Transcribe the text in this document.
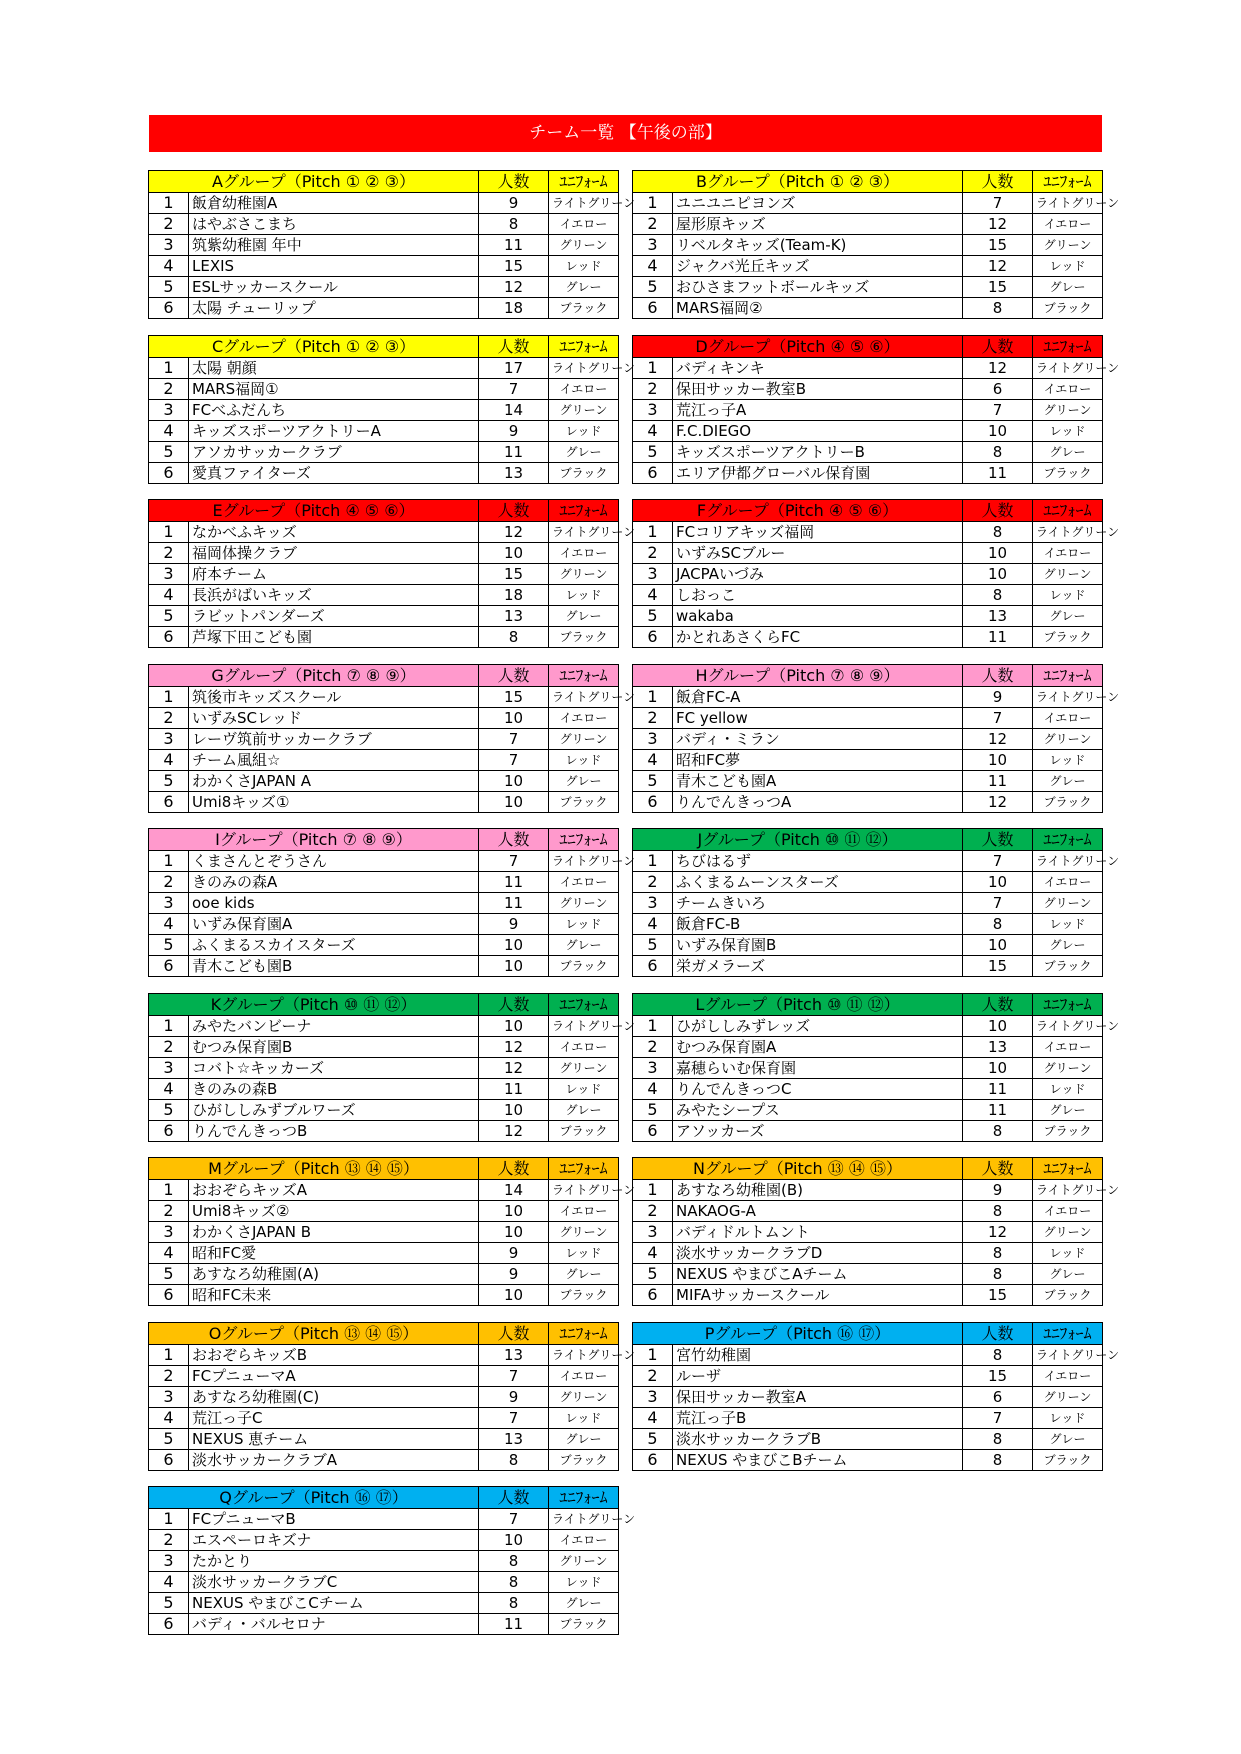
チーム一覧 【午後の部】
Aグループ（Pitch ① ② ③）		人数	ﾕﾆﾌｫｰﾑ
1	飯倉幼稚園A	9	ライトグリーン
2	はやぶさこまち	8	イエロー
3	筑紫幼稚園 年中	11	グリーン
4	LEXIS	15	レッド
5	ESLサッカースクール	12	グレー
6	太陽 チューリップ	18	ブラック
Bグループ（Pitch ① ② ③）		人数	ﾕﾆﾌｫｰﾑ
1	ユニユニピヨンズ	7	ライトグリーン
2	屋形原キッズ	12	イエロー
3	リベルタキッズ(Team-K)	15	グリーン
4	ジャクバ光丘キッズ	12	レッド
5	おひさまフットボールキッズ	15	グレー
6	MARS福岡②	8	ブラック
Cグループ（Pitch ① ② ③）		人数	ﾕﾆﾌｫｰﾑ
1	太陽 朝顔	17	ライトグリーン
2	MARS福岡①	7	イエロー
3	FCべふだんち	14	グリーン
4	キッズスポーツアクトリーA	9	レッド
5	アソカサッカークラブ	11	グレー
6	愛真ファイターズ	13	ブラック
Dグループ（Pitch ④ ⑤ ⑥）		人数	ﾕﾆﾌｫｰﾑ
1	バディキンキ	12	ライトグリーン
2	保田サッカー教室B	6	イエロー
3	荒江っ子A	7	グリーン
4	F.C.DIEGO	10	レッド
5	キッズスポーツアクトリーB	8	グレー
6	エリア伊都グローバル保育園	11	ブラック
Eグループ（Pitch ④ ⑤ ⑥）		人数	ﾕﾆﾌｫｰﾑ
1	なかべふキッズ	12	ライトグリーン
2	福岡体操クラブ	10	イエロー
3	府本チーム	15	グリーン
4	長浜がばいキッズ	18	レッド
5	ラビットパンダーズ	13	グレー
6	芦塚下田こども園	8	ブラック
Fグループ（Pitch ④ ⑤ ⑥）		人数	ﾕﾆﾌｫｰﾑ
1	FCコリアキッズ福岡	8	ライトグリーン
2	いずみSCブルー	10	イエロー
3	JACPAいづみ	10	グリーン
4	しおっこ	8	レッド
5	wakaba	13	グレー
6	かとれあさくらFC	11	ブラック
Gグループ（Pitch ⑦ ⑧ ⑨）		人数	ﾕﾆﾌｫｰﾑ
1	筑後市キッズスクール	15	ライトグリーン
2	いずみSCレッド	10	イエロー
3	レーヴ筑前サッカークラブ	7	グリーン
4	チーム風組☆	7	レッド
5	わかくさJAPAN A	10	グレー
6	Umi8キッズ①	10	ブラック
Hグループ（Pitch ⑦ ⑧ ⑨）		人数	ﾕﾆﾌｫｰﾑ
1	飯倉FC-A	9	ライトグリーン
2	FC yellow	7	イエロー
3	バディ・ミラン	12	グリーン
4	昭和FC夢	10	レッド
5	青木こども園A	11	グレー
6	りんでんきっつA	12	ブラック
Iグループ（Pitch ⑦ ⑧ ⑨）		人数	ﾕﾆﾌｫｰﾑ
1	くまさんとぞうさん	7	ライトグリーン
2	きのみの森A	11	イエロー
3	ooe kids	11	グリーン
4	いずみ保育園A	9	レッド
5	ふくまるスカイスターズ	10	グレー
6	青木こども園B	10	ブラック
Jグループ（Pitch ⑩ ⑪ ⑫）		人数	ﾕﾆﾌｫｰﾑ
1	ちびはるず	7	ライトグリーン
2	ふくまるムーンスターズ	10	イエロー
3	チームきいろ	7	グリーン
4	飯倉FC-B	8	レッド
5	いずみ保育園B	10	グレー
6	栄ガメラーズ	15	ブラック
Kグループ（Pitch ⑩ ⑪ ⑫）		人数	ﾕﾆﾌｫｰﾑ
1	みやたバンビーナ	10	ライトグリーン
2	むつみ保育園B	12	イエロー
3	コバト☆キッカーズ	12	グリーン
4	きのみの森B	11	レッド
5	ひがししみずブルワーズ	10	グレー
6	りんでんきっつB	12	ブラック
Lグループ（Pitch ⑩ ⑪ ⑫）		人数	ﾕﾆﾌｫｰﾑ
1	ひがししみずレッズ	10	ライトグリーン
2	むつみ保育園A	13	イエロー
3	嘉穂らいむ保育園	10	グリーン
4	りんでんきっつC	11	レッド
5	みやたシープス	11	グレー
6	アソッカーズ	8	ブラック
Mグループ（Pitch ⑬ ⑭ ⑮）		人数	ﾕﾆﾌｫｰﾑ
1	おおぞらキッズA	14	ライトグリーン
2	Umi8キッズ②	10	イエロー
3	わかくさJAPAN B	10	グリーン
4	昭和FC愛	9	レッド
5	あすなろ幼稚園(A)	9	グレー
6	昭和FC未来	10	ブラック
Nグループ（Pitch ⑬ ⑭ ⑮）		人数	ﾕﾆﾌｫｰﾑ
1	あすなろ幼稚園(B)	9	ライトグリーン
2	NAKAOG-A	8	イエロー
3	バディドルトムント	12	グリーン
4	淡水サッカークラブD	8	レッド
5	NEXUS やまびこAチーム	8	グレー
6	MIFAサッカースクール	15	ブラック
Oグループ（Pitch ⑬ ⑭ ⑮）		人数	ﾕﾆﾌｫｰﾑ
1	おおぞらキッズB	13	ライトグリーン
2	FCプニューマA	7	イエロー
3	あすなろ幼稚園(C)	9	グリーン
4	荒江っ子C	7	レッド
5	NEXUS 恵チーム	13	グレー
6	淡水サッカークラブA	8	ブラック
Pグループ（Pitch ⑯ ⑰）		人数	ﾕﾆﾌｫｰﾑ
1	宮竹幼稚園	8	ライトグリーン
2	ルーザ	15	イエロー
3	保田サッカー教室A	6	グリーン
4	荒江っ子B	7	レッド
5	淡水サッカークラブB	8	グレー
6	NEXUS やまびこBチーム	8	ブラック
Qグループ（Pitch ⑯ ⑰）		人数	ﾕﾆﾌｫｰﾑ
1	FCプニューマB	7	ライトグリーン
2	エスペーロキズナ	10	イエロー
3	たかとり	8	グリーン
4	淡水サッカークラブC	8	レッド
5	NEXUS やまびこCチーム	8	グレー
6	バディ・バルセロナ	11	ブラック
